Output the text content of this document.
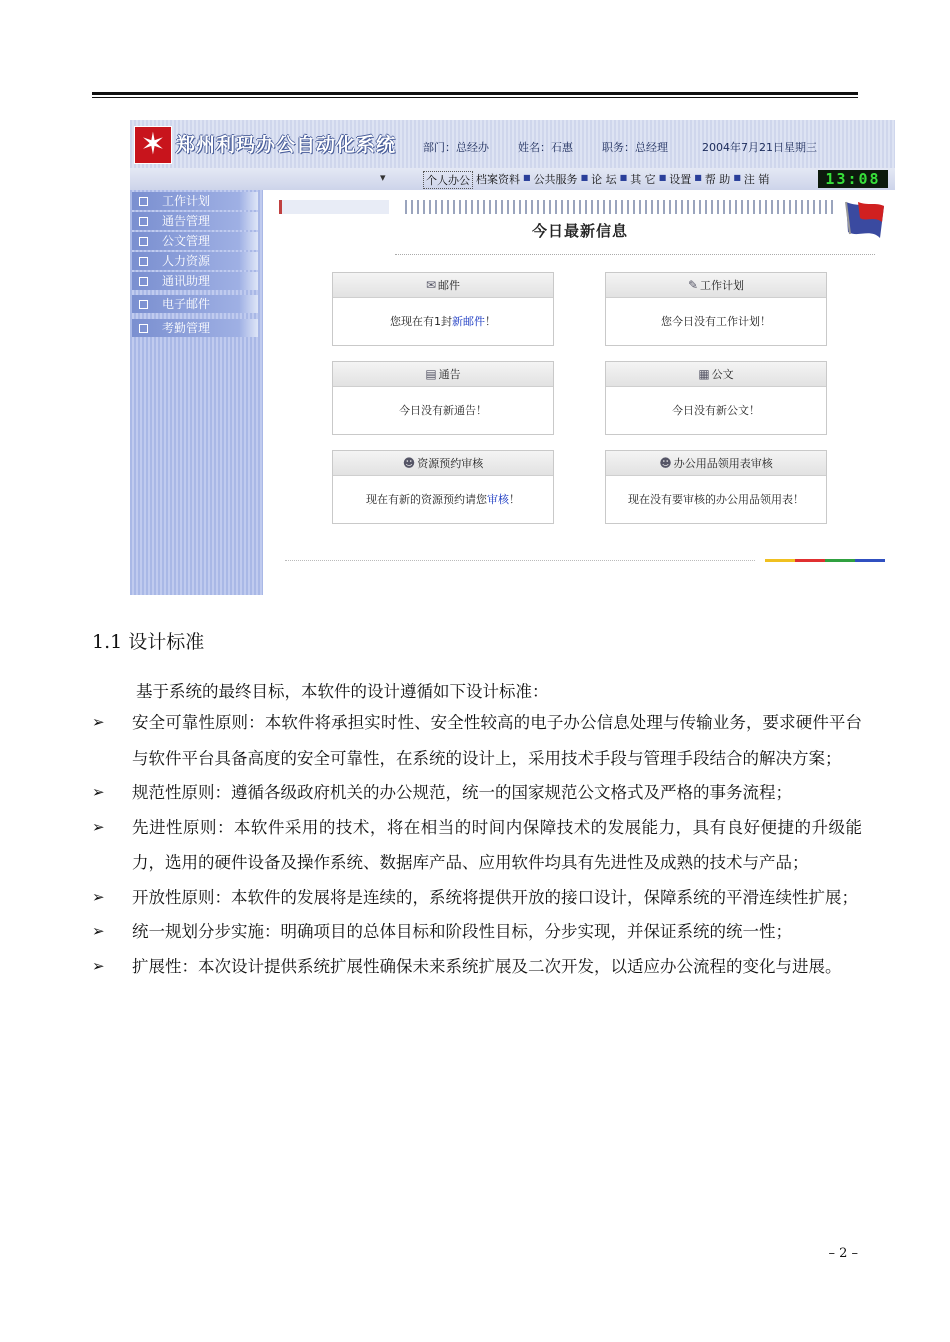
✶ 郑州利玛办公自动化系统 部门：总经办	姓名：石惠	职务：总经理	2004年7月21日星期三
▾	个人办公 档案资料 ■ 公共服务 ■ 论 坛 ■ 其 它 ■ 设置 ■ 帮 助 ■ 注 销	13:08
工作计划
通告管理
公文管理
人力资源
通讯助理
电子邮件
考勤管理
今日最新信息
✉ 邮件
您现在有1封新邮件！
✎ 工作计划
您今日没有工作计划！
▤ 通告
今日没有新通告！
▦ 公文
今日没有新公文！
☻ 资源预约审核
现在有新的资源预约请您审核！
☻ 办公用品领用表审核
现在没有要审核的办公用品领用表！
1.1 设计标准
基于系统的最终目标，本软件的设计遵循如下设计标准：
➢ 安全可靠性原则：本软件将承担实时性、安全性较高的电子办公信息处理与传输业务，要求硬件平台与软件平台具备高度的安全可靠性，在系统的设计上，采用技术手段与管理手段结合的解决方案；
➢ 规范性原则：遵循各级政府机关的办公规范，统一的国家规范公文格式及严格的事务流程；
➢ 先进性原则：本软件采用的技术，将在相当的时间内保障技术的发展能力，具有良好便捷的升级能力，选用的硬件设备及操作系统、数据库产品、应用软件均具有先进性及成熟的技术与产品；
➢ 开放性原则：本软件的发展将是连续的，系统将提供开放的接口设计，保障系统的平滑连续性扩展；
➢ 统一规划分步实施：明确项目的总体目标和阶段性目标，分步实现，并保证系统的统一性；
➢ 扩展性：本次设计提供系统扩展性确保未来系统扩展及二次开发，以适应办公流程的变化与进展。
– 2 –
